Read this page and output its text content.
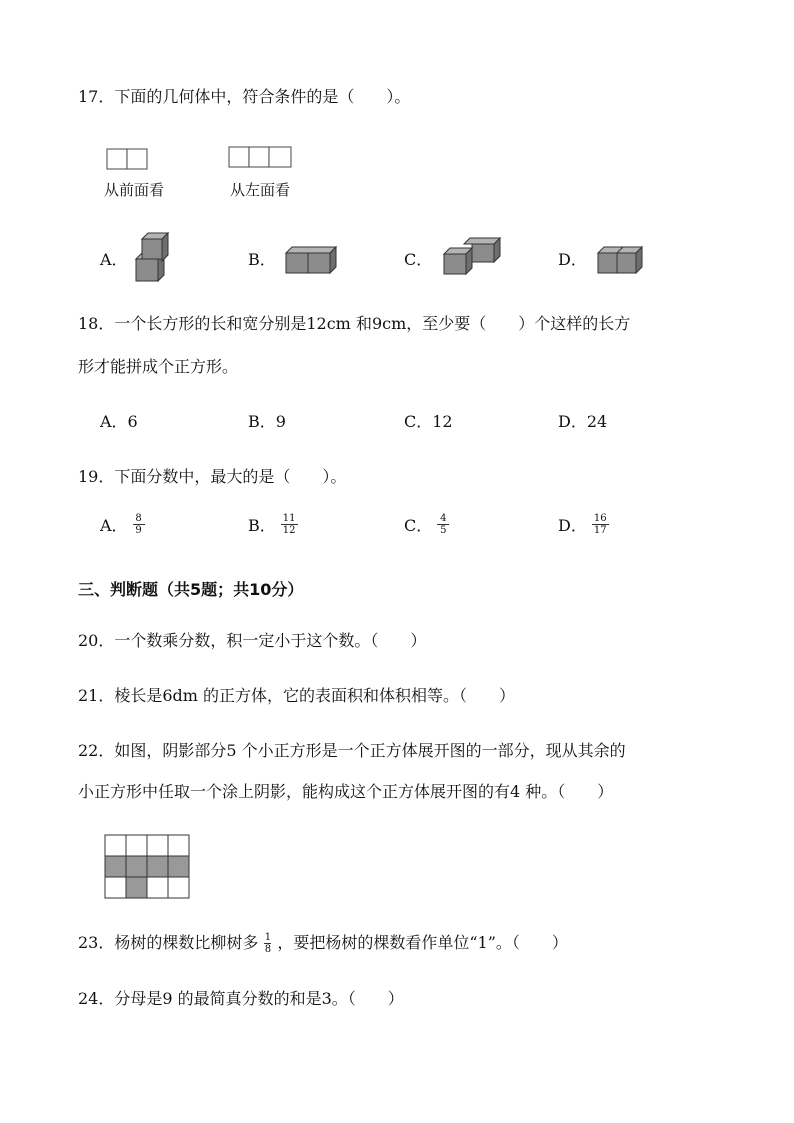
17．下面的几何体中，符合条件的是（　　）。
从前面看	从左面看
A．	B．	C．	D．
18．一个长方形的长和宽分别是12cm 和9cm，至少要（　　）个这样的长方
形才能拼成个正方形。
A．6	B．9	C．12	D．24
19．下面分数中，最大的是（　　）。
A． $\frac{8}{9}$	B． $\frac{11}{12}$	C． $\frac{4}{5}$	D． $\frac{16}{17}$
三、判断题（共5题；共10分）
20．一个数乘分数，积一定小于这个数。（　　）
21．棱长是6dm 的正方体，它的表面积和体积相等。（　　）
22．如图，阴影部分5 个小正方形是一个正方体展开图的一部分，现从其余的
小正方形中任取一个涂上阴影，能构成这个正方体展开图的有4 种。（　　）
23．杨树的棵数比柳树多 $\frac{1}{8}$ ，要把杨树的棵数看作单位“1”。（　　）
24．分母是9 的最简真分数的和是3。（　　）
